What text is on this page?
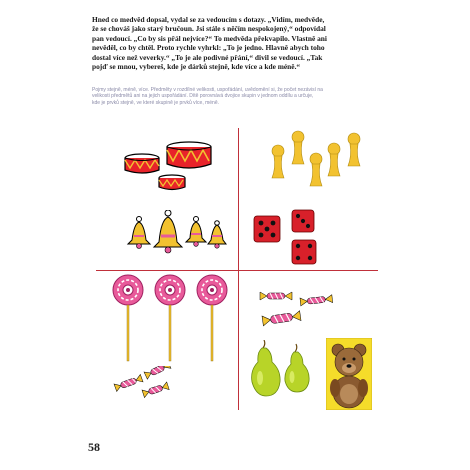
Hned co medvěd dopsal, vydal se za vedoucím s dotazy. „Vidím, medvěde,

že se chováš jako starý bručoun. Jsi stále s něčím nespokojený,“ odpovídal

pan vedoucí. „Co by sis přál nejvíce?“ To medvěda překvapilo. Vlastně ani

nevěděl, co by chtěl. Proto rychle vyhrkl: „To je jedno. Hlavně abych toho

dostal více než veverky.“ „To je ale podivné přání,“ divil se vedoucí. „Tak

pojď se mnou, vybereš, kde je dárků stejně, kde více a kde méně.“

Pojmy stejně, méně, více. Předměty v rozdílné velikosti, uspořádání, uvědomění si, že počet nezávisí na

velikosti předmětů ani na jejich uspořádání. Dítě porovnává dvojice skupin v jednom oddílu a určuje,

kde je prvků stejně, ve které skupině je prvků více, méně.

58
